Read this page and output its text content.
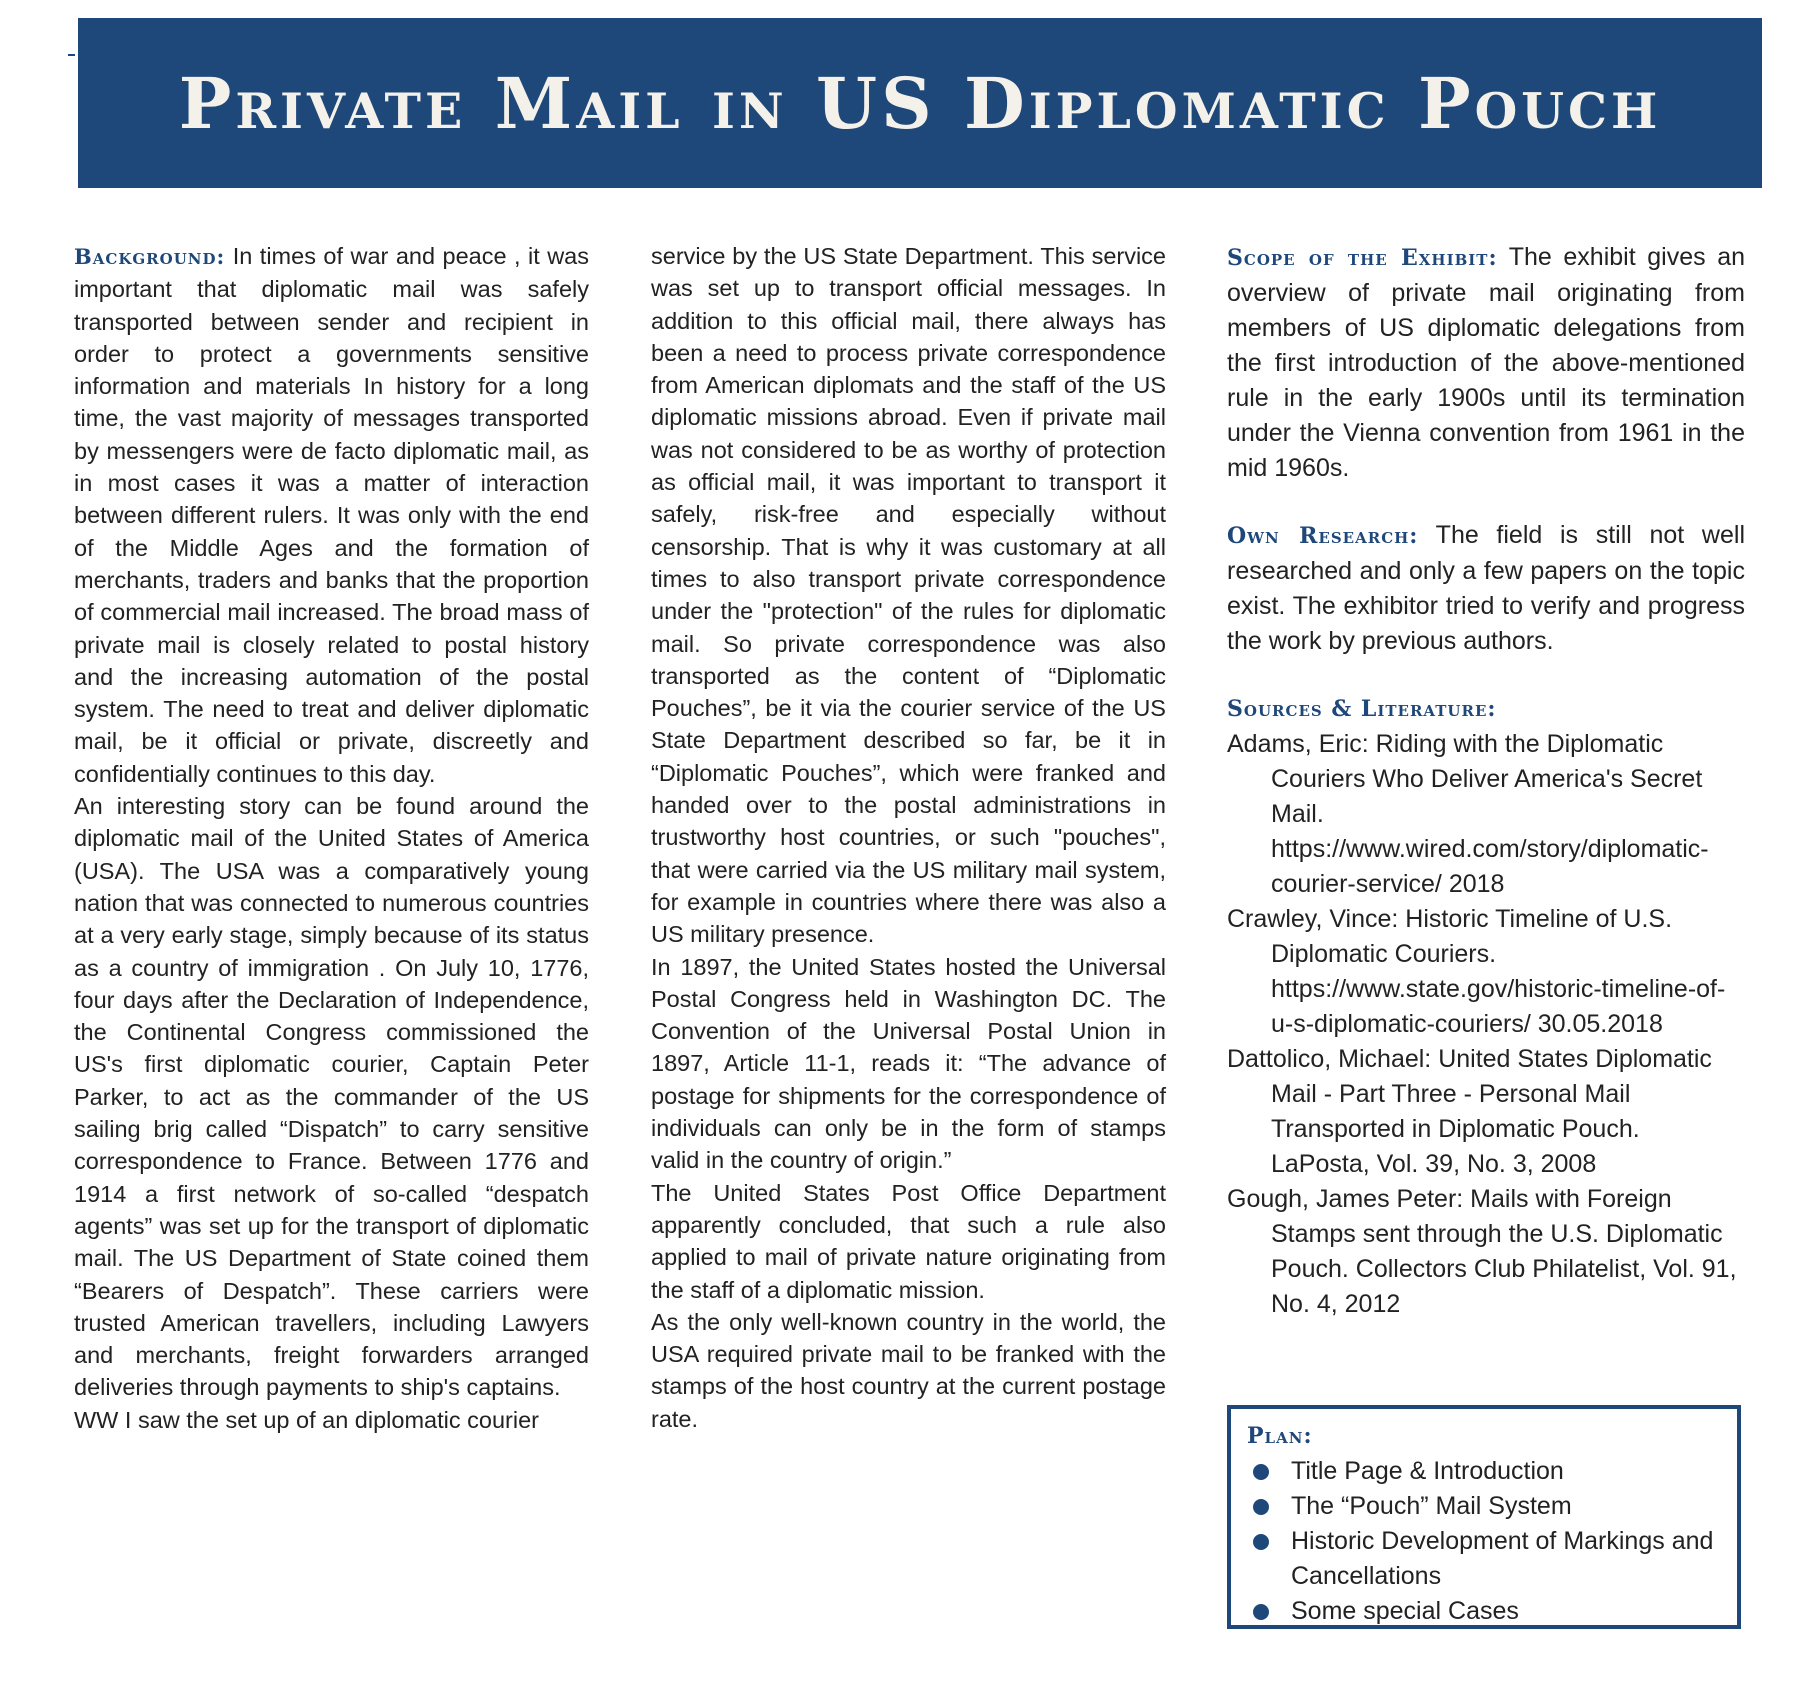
Private Mail in US Diplomatic Pouch

Background: In times of war and peace , it was important that diplomatic mail was safely transported between sender and recipient in order to protect a governments sensitive information and materials In history for a long time, the vast majority of messages transported by messengers were de facto diplomatic mail, as in most cases it was a matter of interaction between different rulers. It was only with the end of the Middle Ages and the formation of merchants, traders and banks that the proportion of commercial mail increased. The broad mass of private mail is closely related to postal history and the increasing automation of the postal system. The need to treat and deliver diplomatic mail, be it official or private, discreetly and confidentially continues to this day.

An interesting story can be found around the diplomatic mail of the United States of America (USA). The USA was a comparatively young nation that was connected to numerous countries at a very early stage, simply because of its status as a country of immigration . On July 10, 1776, four days after the Declaration of Independence, the Continental Congress commissioned the US's first diplomatic courier, Captain Peter Parker, to act as the commander of the US sailing brig called “Dispatch” to carry sensitive correspondence to France. Between 1776 and 1914 a first network of so-called “despatch agents” was set up for the transport of diplomatic mail. The US Department of State coined them “Bearers of Despatch”. These carriers were trusted American travellers, including Lawyers and merchants, freight forwarders arranged deliveries through payments to ship's captains.

WW I saw the set up of an diplomatic courier

service by the US State Department. This service was set up to transport official messages. In addition to this official mail, there always has been a need to process private correspondence from American diplomats and the staff of the US diplomatic missions abroad. Even if private mail was not considered to be as worthy of protection as official mail, it was important to transport it safely, risk-free and especially without censorship. That is why it was customary at all times to also transport private correspondence under the "protection" of the rules for diplomatic mail. So private correspondence was also transported as the content of “Diplomatic Pouches”, be it via the courier service of the US State Department described so far, be it in “Diplomatic Pouches”, which were franked and handed over to the postal administrations in trustworthy host countries, or such "pouches", that were carried via the US military mail system, for example in countries where there was also a US military presence.

In 1897, the United States hosted the Universal Postal Congress held in Washington DC. The Convention of the Universal Postal Union in 1897, Article 11-1, reads it: “The advance of postage for shipments for the correspondence of individuals can only be in the form of stamps valid in the country of origin.”

The United States Post Office Department apparently concluded, that such a rule also applied to mail of private nature originating from the staff of a diplomatic mission.

As the only well-known country in the world, the USA required private mail to be franked with the stamps of the host country at the current postage rate.

Scope of the Exhibit: The exhibit gives an overview of private mail originating from members of US diplomatic delegations from the first introduction of the above-mentioned rule in the early 1900s until its termination under the Vienna convention from 1961 in the mid 1960s.

Own Research: The field is still not well researched and only a few papers on the topic exist. The exhibitor tried to verify and progress the work by previous authors.

Sources & Literature:

Adams, Eric: Riding with the Diplomatic Couriers Who Deliver America's Secret Mail. https://www.wired.com/story/diplomatic-courier-service/ 2018

Crawley, Vince: Historic Timeline of U.S. Diplomatic Couriers. https://www.state.gov/historic-timeline-of-u-s-diplomatic-couriers/ 30.05.2018

Dattolico, Michael: United States Diplomatic Mail - Part Three - Personal Mail Transported in Diplomatic Pouch. LaPosta, Vol. 39, No. 3, 2008

Gough, James Peter: Mails with Foreign Stamps sent through the U.S. Diplomatic Pouch. Collectors Club Philatelist, Vol. 91, No. 4, 2012

Plan:
Title Page & Introduction
The “Pouch” Mail System
Historic Development of Markings and Cancellations
Some special Cases
